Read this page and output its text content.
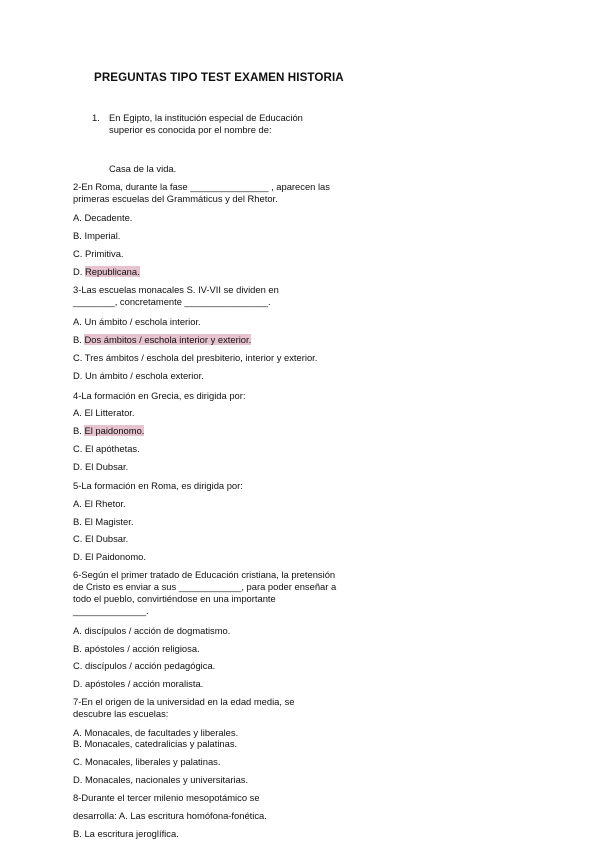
PREGUNTAS TIPO TEST EXAMEN HISTORIA
1. En Egipto, la institución especial de Educación
superior es conocida por el nombre de:
Casa de la vida.
2-En Roma, durante la fase _______________ , aparecen las
primeras escuelas del Grammáticus y del Rhetor.
A. Decadente.
B. Imperial.
C. Primitiva.
D. Republicana.
3-Las escuelas monacales S. IV-VII se dividen en
________, concretamente ________________.
A. Un ámbito / eschola interior.
B. Dos ámbitos / eschola interior y exterior.
C. Tres ámbitos / eschola del presbiterio, interior y exterior.
D. Un ámbito / eschola exterior.
4-La formación en Grecia, es dirigida por:
A. El Litterator.
B. El paidonomo.
C. El apóthetas.
D. El Dubsar.
5-La formación en Roma, es dirigida por:
A. El Rhetor.
B. El Magister.
C. El Dubsar.
D. El Paidonomo.
6-Según el primer tratado de Educación cristiana, la pretensión
de Cristo es enviar a sus ____________, para poder enseñar a
todo el pueblo, convirtiéndose en una importante
______________.
A. discípulos / acción de dogmatismo.
B. apóstoles / acción religiosa.
C. discípulos / acción pedagógica.
D. apóstoles / acción moralista.
7-En el origen de la universidad en la edad media, se
descubre las escuelas:
A. Monacales, de facultades y liberales.
B. Monacales, catedralicias y palatinas.
C. Monacales, liberales y palatinas.
D. Monacales, nacionales y universitarias.
8-Durante el tercer milenio mesopotámico se
desarrolla: A. Las escritura homófona-fonética.
B. La escritura jeroglífica.
